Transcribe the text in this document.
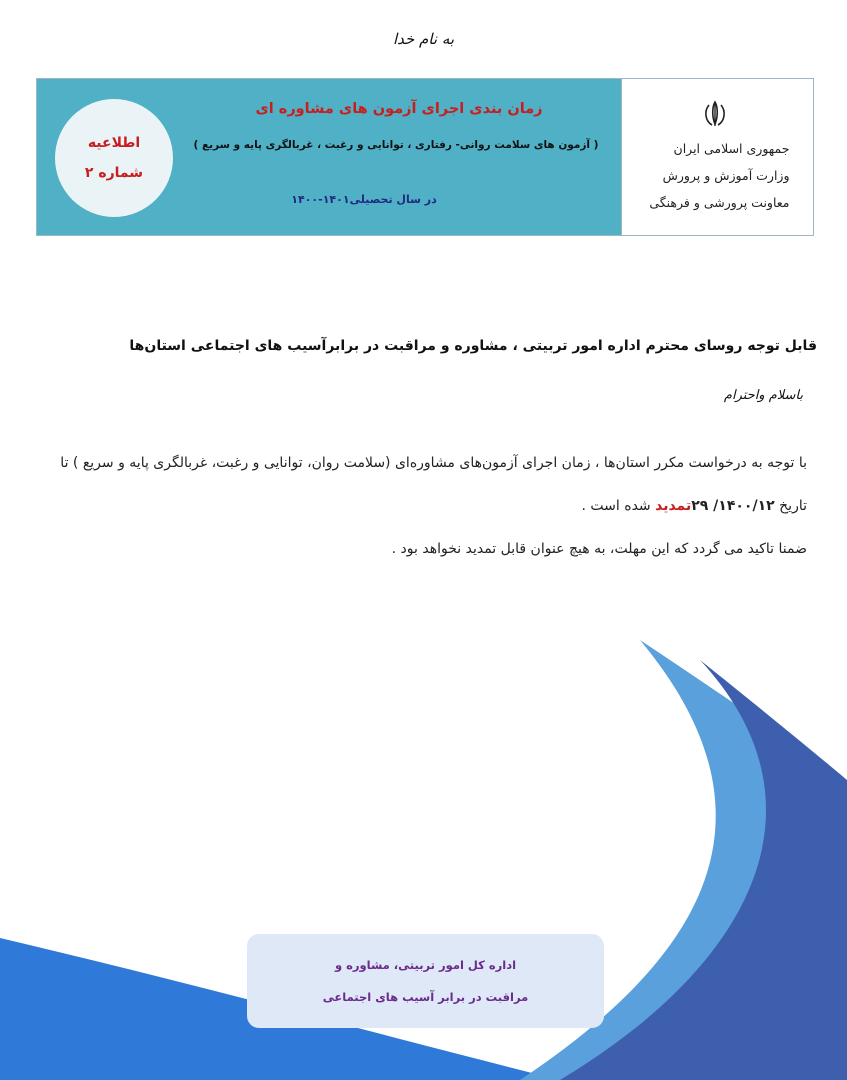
به نام خدا
جمهوری اسلامی ایران
وزارت آموزش و پرورش
معاونت پرورشی و فرهنگی
زمان بندی اجرای آزمون های مشاوره ای
( آزمون های سلامت روانی- رفتاری ، توانایی و رغبت ، غربالگری پایه و سریع )
در سال تحصیلی۱۴۰۱-۱۴۰۰
اطلاعیه
شماره ۲
قابل توجه روسای محترم اداره امور تربیتی ، مشاوره و مراقبت در برابرآسیب های اجتماعی استان‌ها
باسلام واحترام
با توجه به درخواست مکرر استان‌ها ، زمان اجرای آزمون‌های مشاوره‌ای (سلامت روان، توانایی و رغبت، غربالگری پایه و سریع ) تا تاریخ ۱۴۰۰/۱۲/ ۲۹تمدید شده است .
ضمنا تاکید می گردد که این مهلت، به هیچ عنوان قابل تمدید نخواهد بود .
اداره کل امور تربیتی، مشاوره و
مراقبت در برابر آسیب های اجتماعی
